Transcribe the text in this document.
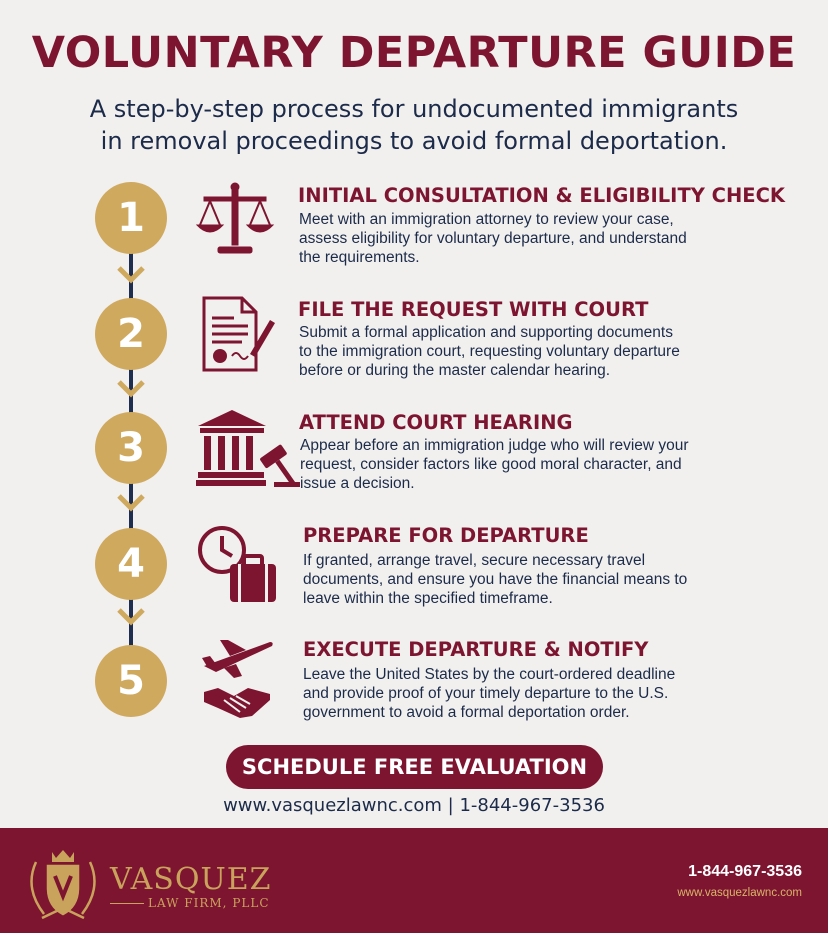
VOLUNTARY DEPARTURE GUIDE
A step-by-step process for undocumented immigrants
in removal proceedings to avoid formal deportation.
1	INITIAL CONSULTATION & ELIGIBILITY CHECK
Meet with an immigration attorney to review your case,
assess eligibility for voluntary departure, and understand
the requirements.
2
FILE THE REQUEST WITH COURT
Submit a formal application and supporting documents
to the immigration court, requesting voluntary departure
before or during the master calendar hearing.
3
ATTEND COURT HEARING
Appear before an immigration judge who will review your
request, consider factors like good moral character, and
issue a decision.
4
PREPARE FOR DEPARTURE
If granted, arrange travel, secure necessary travel
documents, and ensure you have the financial means to
leave within the specified timeframe.
5
EXECUTE DEPARTURE & NOTIFY
Leave the United States by the court-ordered deadline
and provide proof of your timely departure to the U.S.
government to avoid a formal deportation order.
SCHEDULE FREE EVALUATION
www.vasquezlawnc.com | 1-844-967-3536
VASQUEZ
LAW FIRM, PLLC
1-844-967-3536
www.vasquezlawnc.com
